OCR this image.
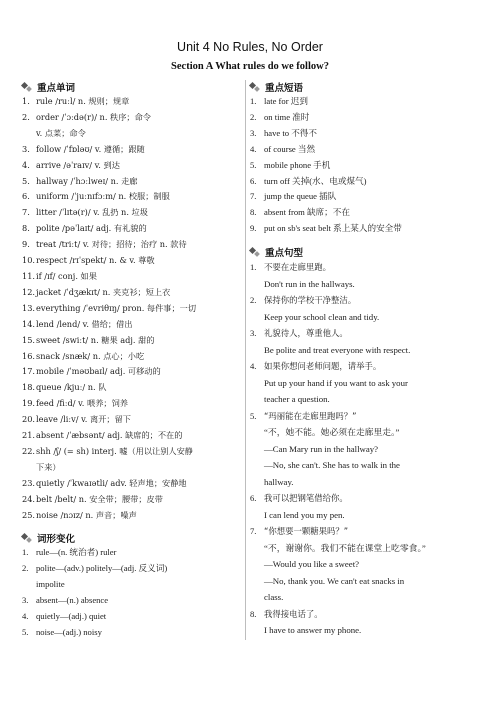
Unit 4 No Rules, No Order
Section A What rules do we follow?
重点单词
1. rule /ruːl/ n. 规则；规章
2. order /ˈɔːdə(r)/ n. 秩序；命令
v. 点菜；命令
3. follow /ˈfɒləʊ/ v. 遵循；跟随
4. arrive /əˈraɪv/ v. 到达
5. hallway /ˈhɔːlweɪ/ n. 走廊
6. uniform /ˈjuːnɪfɔːm/ n. 校服；制服
7. litter /ˈlɪtə(r)/ v. 乱扔 n. 垃圾
8. polite /pəˈlaɪt/ adj. 有礼貌的
9. treat /triːt/ v. 对待；招待；治疗 n. 款待
10. respect /rɪˈspekt/ n. & v. 尊敬
11. if /ɪf/ conj. 如果
12. jacket /ˈdʒækɪt/ n. 夹克衫；短上衣
13. everything /ˈevriθɪŋ/ pron. 每件事；一切
14. lend /lend/ v. 借给；借出
15. sweet /swiːt/ n. 糖果 adj. 甜的
16. snack /snæk/ n. 点心；小吃
17. mobile /ˈməʊbaɪl/ adj. 可移动的
18. queue /kjuː/ n. 队
19. feed /fiːd/ v. 喂养；饲养
20. leave /liːv/ v. 离开；留下
21. absent /ˈæbsənt/ adj. 缺席的；不在的
22. shh /ʃ/ (= sh) interj. 嘘（用以让别人安静
下来）
23. quietly /ˈkwaɪətli/ adv. 轻声地；安静地
24. belt /belt/ n. 安全带；腰带；皮带
25. noise /nɔɪz/ n. 声音；噪声
词形变化
1. rule—(n. 统治者) ruler
2. polite—(adv.) politely—(adj. 反义词)
impolite
3. absent—(n.) absence
4. quietly—(adj.) quiet
5. noise—(adj.) noisy
重点短语
1. late for 迟到
2. on time 准时
3. have to 不得不
4. of course 当然
5. mobile phone 手机
6. turn off 关掉(水、电或煤气)
7. jump the queue 插队
8. absent from 缺席；不在
9. put on sb's seat belt 系上某人的安全带
重点句型
1. 不要在走廊里跑。
Don't run in the hallways.
2. 保持你的学校干净整洁。
Keep your school clean and tidy.
3. 礼貌待人，尊重他人。
Be polite and treat everyone with respect.
4. 如果你想问老师问题，请举手。
Put up your hand if you want to ask your
teacher a question.
5. “玛丽能在走廊里跑吗？”
“不，她不能。她必须在走廊里走。”
—Can Mary run in the hallway?
—No, she can't. She has to walk in the
hallway.
6. 我可以把钢笔借给你。
I can lend you my pen.
7. “你想要一颗糖果吗？”
“不，谢谢你。我们不能在课堂上吃零食。”
—Would you like a sweet?
—No, thank you. We can't eat snacks in
class.
8. 我得接电话了。
I have to answer my phone.
